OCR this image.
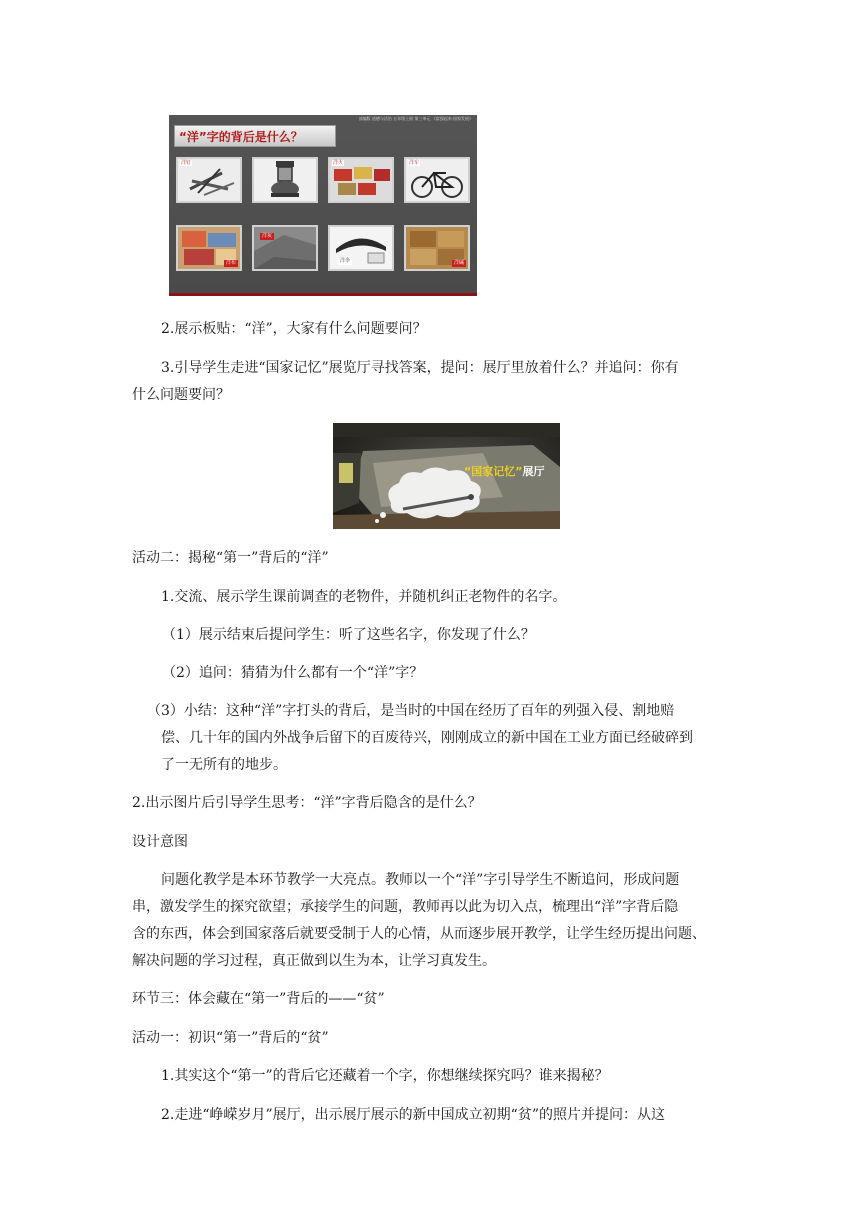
部编版 道德与法治 五年级上册 第三单元 《富强起来·国家发展》
“洋”字的背后是什么？
洋钉	洋火	洋车
洋布
洋灰
洋伞	洋碱
2.展示板贴：“洋”，大家有什么问题要问？
3.引导学生走进“国家记忆”展览厅寻找答案，提问：展厅里放着什么？并追问：你有
什么问题要问？
“国家记忆”展厅
活动二：揭秘“第一”背后的“洋”
1.交流、展示学生课前调查的老物件，并随机纠正老物件的名字。
（1）展示结束后提问学生：听了这些名字，你发现了什么？
（2）追问：猜猜为什么都有一个“洋”字？
（3）小结：这种“洋”字打头的背后，是当时的中国在经历了百年的列强入侵、割地赔
偿、几十年的国内外战争后留下的百废待兴，刚刚成立的新中国在工业方面已经破碎到
了一无所有的地步。
2.出示图片后引导学生思考：“洋”字背后隐含的是什么？
设计意图
问题化教学是本环节教学一大亮点。教师以一个“洋”字引导学生不断追问，形成问题
串，激发学生的探究欲望；承接学生的问题，教师再以此为切入点，梳理出“洋”字背后隐
含的东西，体会到国家落后就要受制于人的心情，从而逐步展开教学，让学生经历提出问题、
解决问题的学习过程，真正做到以生为本，让学习真发生。
环节三：体会藏在“第一”背后的——“贫”
活动一：初识“第一”背后的“贫”
1.其实这个“第一”的背后它还藏着一个字，你想继续探究吗？谁来揭秘？
2.走进“峥嵘岁月”展厅，出示展厅展示的新中国成立初期“贫”的照片并提问：从这
